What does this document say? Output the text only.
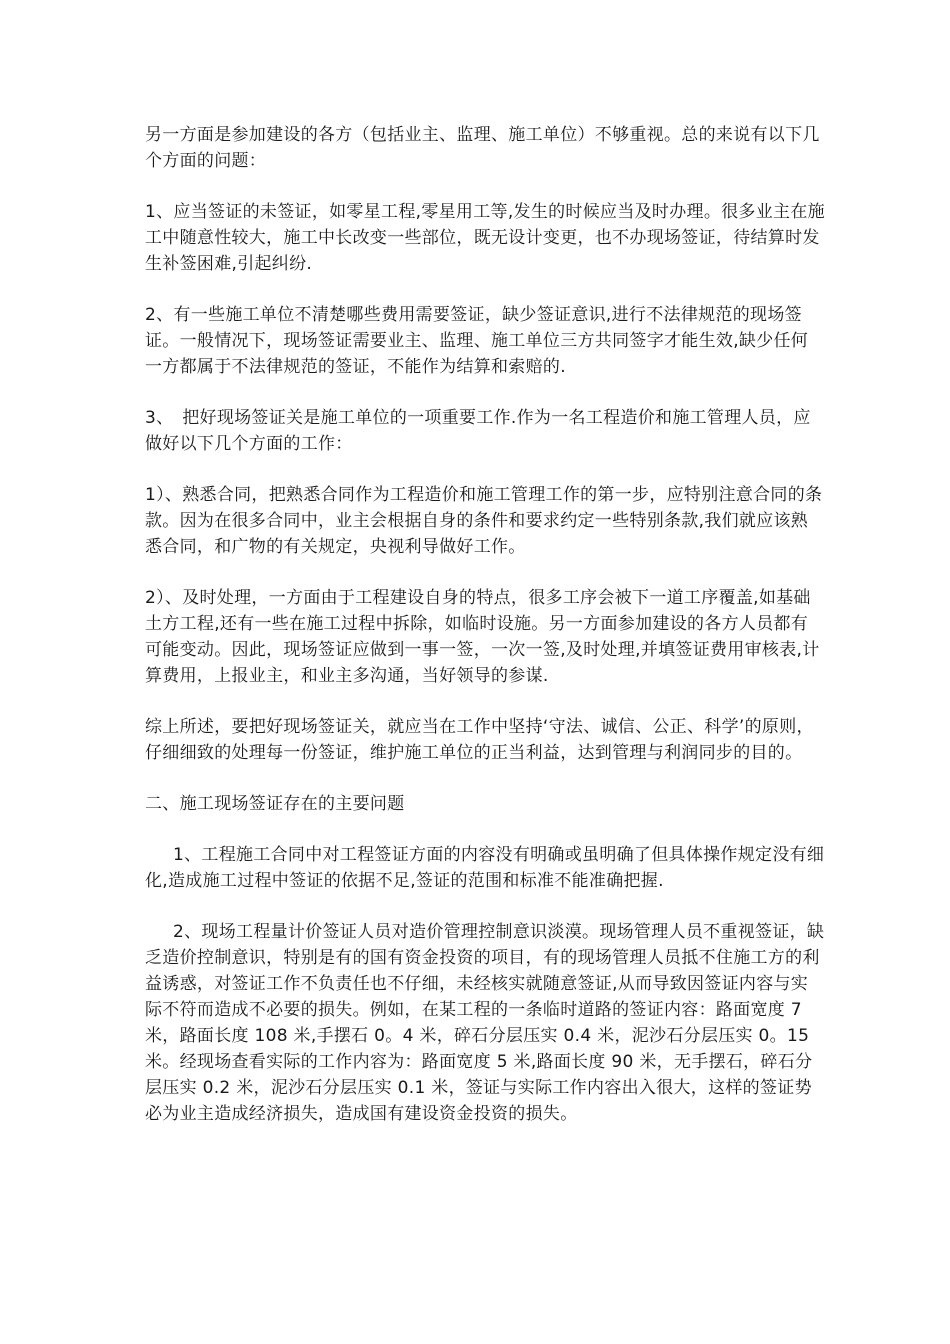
另一方面是参加建设的各方（包括业主、监理、施工单位）不够重视。总的来说有以下几个方面的问题：

1、应当签证的未签证，如零星工程,零星用工等,发生的时候应当及时办理。很多业主在施工中随意性较大，施工中长改变一些部位，既无设计变更，也不办现场签证，待结算时发生补签困难,引起纠纷.

2、有一些施工单位不清楚哪些费用需要签证，缺少签证意识,进行不法律规范的现场签证。一般情况下，现场签证需要业主、监理、施工单位三方共同签字才能生效,缺少任何一方都属于不法律规范的签证，不能作为结算和索赔的.

3、　把好现场签证关是施工单位的一项重要工作.作为一名工程造价和施工管理人员，应做好以下几个方面的工作：

1）、熟悉合同，把熟悉合同作为工程造价和施工管理工作的第一步，应特别注意合同的条款。因为在很多合同中，业主会根据自身的条件和要求约定一些特别条款,我们就应该熟悉合同，和广物的有关规定，央视利导做好工作。

2）、及时处理，一方面由于工程建设自身的特点，很多工序会被下一道工序覆盖,如基础土方工程,还有一些在施工过程中拆除，如临时设施。另一方面参加建设的各方人员都有可能变动。因此，现场签证应做到一事一签，一次一签,及时处理,并填签证费用审核表,计算费用，上报业主，和业主多沟通，当好领导的参谋.

综上所述，要把好现场签证关，就应当在工作中坚持‘守法、诚信、公正、科学’的原则，仔细细致的处理每一份签证，维护施工单位的正当利益，达到管理与利润同步的目的。

二、施工现场签证存在的主要问题

1、工程施工合同中对工程签证方面的内容没有明确或虽明确了但具体操作规定没有细化,造成施工过程中签证的依据不足,签证的范围和标准不能准确把握.

2、现场工程量计价签证人员对造价管理控制意识淡漠。现场管理人员不重视签证，缺乏造价控制意识，特别是有的国有资金投资的项目，有的现场管理人员抵不住施工方的利益诱惑，对签证工作不负责任也不仔细，未经核实就随意签证,从而导致因签证内容与实际不符而造成不必要的损失。例如，在某工程的一条临时道路的签证内容：路面宽度 7 米，路面长度 108 米,手摆石 0。4 米，碎石分层压实 0.4 米，泥沙石分层压实 0。15 米。经现场查看实际的工作内容为：路面宽度 5 米,路面长度 90 米，无手摆石，碎石分层压实 0.2 米，泥沙石分层压实 0.1 米，签证与实际工作内容出入很大，这样的签证势必为业主造成经济损失，造成国有建设资金投资的损失。
